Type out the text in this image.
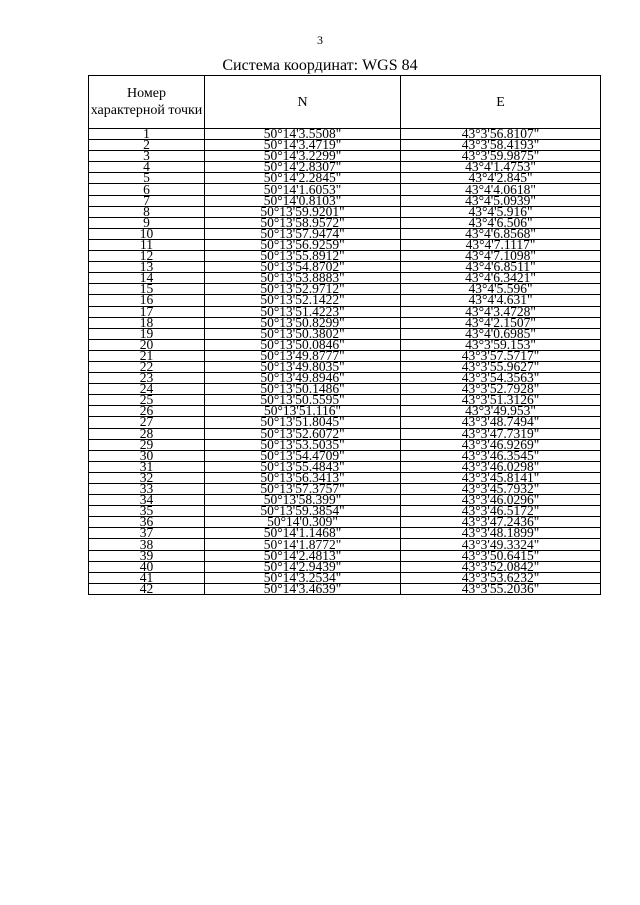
3
Система координат: WGS 84
Номер характерной точки	N	E
1	50°14'3.5508"	43°3'56.8107"
2	50°14'3.4719"	43°3'58.4193"
3	50°14'3.2299"	43°3'59.9875"
4	50°14'2.8307"	43°4'1.4753"
5	50°14'2.2845"	43°4'2.845"
6	50°14'1.6053"	43°4'4.0618"
7	50°14'0.8103"	43°4'5.0939"
8	50°13'59.9201"	43°4'5.916"
9	50°13'58.9572"	43°4'6.506"
10	50°13'57.9474"	43°4'6.8568"
11	50°13'56.9259"	43°4'7.1117"
12	50°13'55.8912"	43°4'7.1098"
13	50°13'54.8702"	43°4'6.8511"
14	50°13'53.8883"	43°4'6.3421"
15	50°13'52.9712"	43°4'5.596"
16	50°13'52.1422"	43°4'4.631"
17	50°13'51.4223"	43°4'3.4728"
18	50°13'50.8299"	43°4'2.1507"
19	50°13'50.3802"	43°4'0.6985"
20	50°13'50.0846"	43°3'59.153"
21	50°13'49.8777"	43°3'57.5717"
22	50°13'49.8035"	43°3'55.9627"
23	50°13'49.8946"	43°3'54.3563"
24	50°13'50.1486"	43°3'52.7928"
25	50°13'50.5595"	43°3'51.3126"
26	50°13'51.116"	43°3'49.953"
27	50°13'51.8045"	43°3'48.7494"
28	50°13'52.6072"	43°3'47.7319"
29	50°13'53.5035"	43°3'46.9269"
30	50°13'54.4709"	43°3'46.3545"
31	50°13'55.4843"	43°3'46.0298"
32	50°13'56.3413"	43°3'45.8141"
33	50°13'57.3757"	43°3'45.7932"
34	50°13'58.399"	43°3'46.0296"
35	50°13'59.3854"	43°3'46.5172"
36	50°14'0.309"	43°3'47.2436"
37	50°14'1.1468"	43°3'48.1899"
38	50°14'1.8772"	43°3'49.3324"
39	50°14'2.4813"	43°3'50.6415"
40	50°14'2.9439"	43°3'52.0842"
41	50°14'3.2534"	43°3'53.6232"
42	50°14'3.4639"	43°3'55.2036"
